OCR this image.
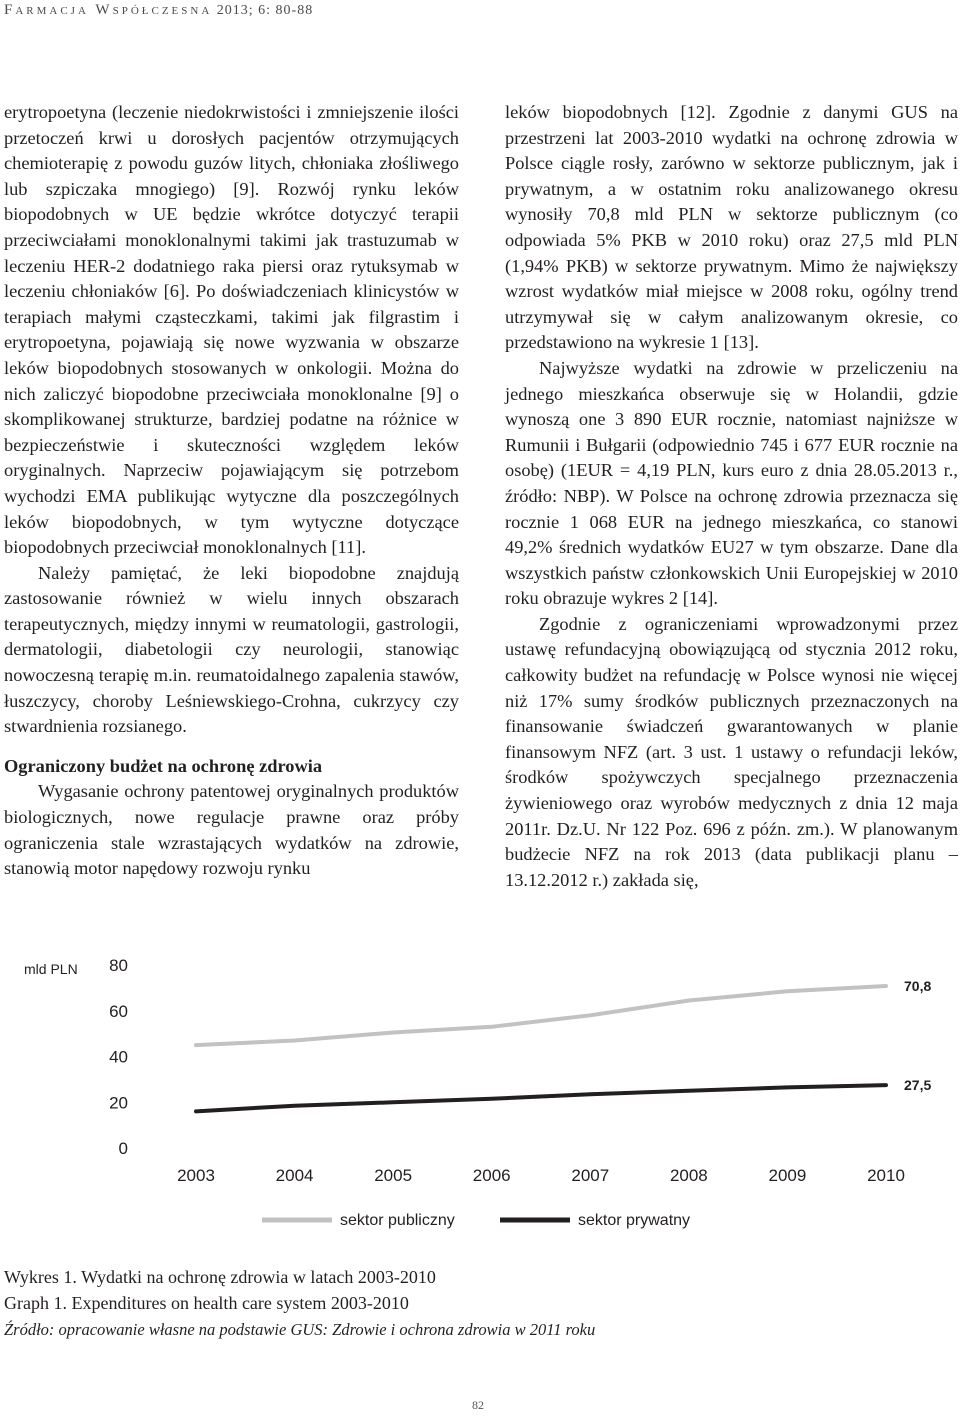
FARMACJA WSPÓŁCZESNA 2013; 6: 80-88

erytropoetyna (leczenie niedokrwistości i zmniejszenie ilości przetoczeń krwi u dorosłych pacjentów otrzymujących chemioterapię z powodu guzów litych, chłoniaka złośliwego lub szpiczaka mnogiego) [9]. Rozwój rynku leków biopodobnych w UE będzie wkrótce dotyczyć terapii przeciwciałami monoklonalnymi takimi jak trastuzumab w leczeniu HER-2 dodatniego raka piersi oraz rytuksymab w leczeniu chłoniaków [6]. Po doświadczeniach klinicystów w terapiach małymi cząsteczkami, takimi jak filgrastim i erytropoetyna, pojawiają się nowe wyzwania w obszarze leków biopodobnych stosowanych w onkologii. Można do nich zaliczyć biopodobne przeciwciała monoklonalne [9] o skomplikowanej strukturze, bardziej podatne na różnice w bezpieczeństwie i skuteczności względem leków oryginalnych. Naprzeciw pojawiającym się potrzebom wychodzi EMA publikując wytyczne dla poszczególnych leków biopodobnych, w tym wytyczne dotyczące biopodobnych przeciwciał monoklonalnych [11].

Należy pamiętać, że leki biopodobne znajdują zastosowanie również w wielu innych obszarach terapeutycznych, między innymi w reumatologii, gastrologii, dermatologii, diabetologii czy neurologii, stanowiąc nowoczesną terapię m.in. reumatoidalnego zapalenia stawów, łuszczycy, choroby Leśniewskiego-Crohna, cukrzycy czy stwardnienia rozsianego.

Ograniczony budżet na ochronę zdrowia

Wygasanie ochrony patentowej oryginalnych produktów biologicznych, nowe regulacje prawne oraz próby ograniczenia stale wzrastających wydatków na zdrowie, stanowią motor napędowy rozwoju rynku

leków biopodobnych [12]. Zgodnie z danymi GUS na przestrzeni lat 2003-2010 wydatki na ochronę zdrowia w Polsce ciągle rosły, zarówno w sektorze publicznym, jak i prywatnym, a w ostatnim roku analizowanego okresu wynosiły 70,8 mld PLN w sektorze publicznym (co odpowiada 5% PKB w 2010 roku) oraz 27,5 mld PLN (1,94% PKB) w sektorze prywatnym. Mimo że największy wzrost wydatków miał miejsce w 2008 roku, ogólny trend utrzymywał się w całym analizowanym okresie, co przedstawiono na wykresie 1 [13].

Najwyższe wydatki na zdrowie w przeliczeniu na jednego mieszkańca obserwuje się w Holandii, gdzie wynoszą one 3 890 EUR rocznie, natomiast najniższe w Rumunii i Bułgarii (odpowiednio 745 i 677 EUR rocznie na osobę) (1EUR = 4,19 PLN, kurs euro z dnia 28.05.2013 r., źródło: NBP). W Polsce na ochronę zdrowia przeznacza się rocznie 1 068 EUR na jednego mieszkańca, co stanowi 49,2% średnich wydatków EU27 w tym obszarze. Dane dla wszystkich państw członkowskich Unii Europejskiej w 2010 roku obrazuje wykres 2 [14].

Zgodnie z ograniczeniami wprowadzonymi przez ustawę refundacyjną obowiązującą od stycznia 2012 roku, całkowity budżet na refundację w Polsce wynosi nie więcej niż 17% sumy środków publicznych przeznaczonych na finansowanie świadczeń gwarantowanych w planie finansowym NFZ (art. 3 ust. 1 ustawy o refundacji leków, środków spożywczych specjalnego przeznaczenia żywieniowego oraz wyrobów medycznych z dnia 12 maja 2011r. Dz.U. Nr 122 Poz. 696 z późn. zm.). W planowanym budżecie NFZ na rok 2013 (data publikacji planu – 13.12.2012 r.) zakłada się,

mld PLN
0
20
40
60
80
2003	2004	2005	2006	2007	2008	2009	2010
70,8
27,5
sektor publiczny	sektor prywatny
Wykres 1. Wydatki na ochronę zdrowia w latach 2003-2010
Graph 1. Expenditures on health care system 2003-2010
Źródło: opracowanie własne na podstawie GUS: Zdrowie i ochrona zdrowia w 2011 roku
82
